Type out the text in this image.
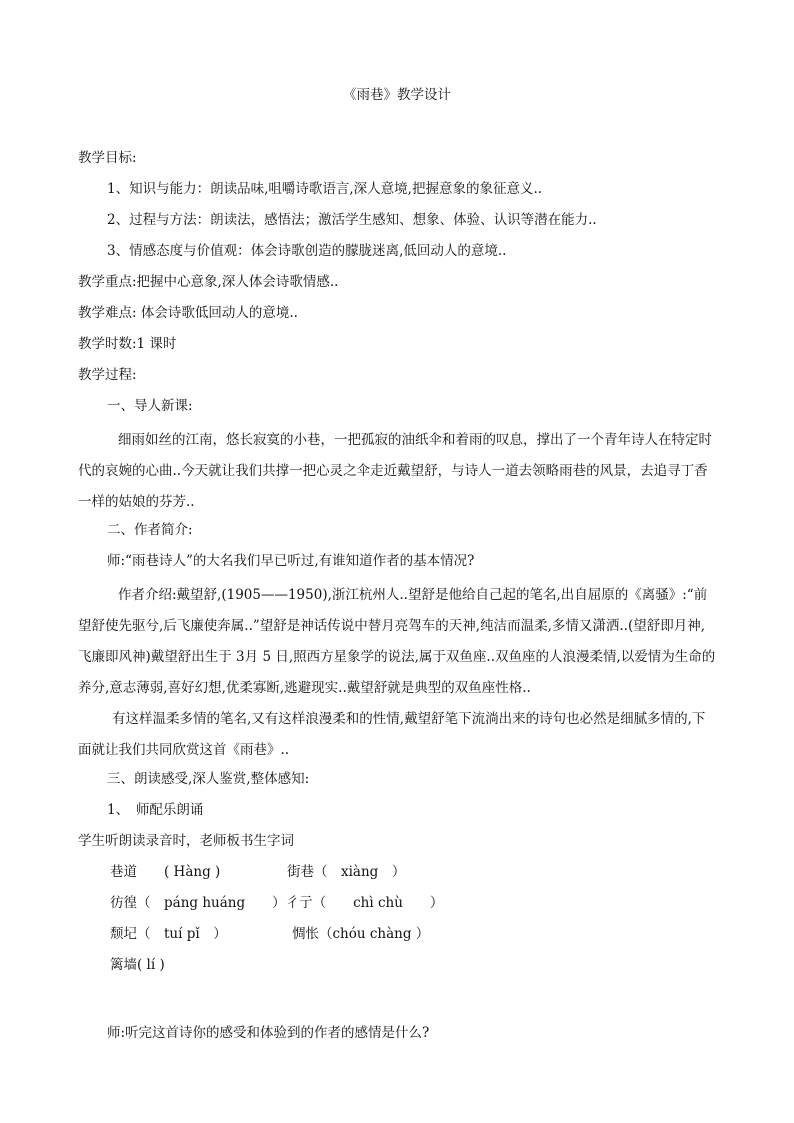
《雨巷》教学设计
教学目标:
1、知识与能力：朗读品味,咀嚼诗歌语言,深人意境,把握意象的象征意义..
2、过程与方法：朗读法，感悟法；激活学生感知、想象、体验、认识等潜在能力..
3、情感态度与价值观：体会诗歌创造的朦胧迷离,低回动人的意境..
教学重点:把握中心意象,深人体会诗歌情感..
教学难点: 体会诗歌低回动人的意境..
教学时数:1 课时
教学过程:
一、导人新课:
细雨如丝的江南，悠长寂寞的小巷，一把孤寂的油纸伞和着雨的叹息，撑出了一个青年诗人在特定时代的哀婉的心曲..今天就让我们共撑一把心灵之伞走近戴望舒，与诗人一道去领略雨巷的风景，去追寻丁香一样的姑娘的芬芳..
二、作者简介:
师:“雨巷诗人”的大名我们早已听过,有谁知道作者的基本情况?
作者介绍:戴望舒,(1905——1950),浙江杭州人..望舒是他给自己起的笔名,出自屈原的《离骚》:“前望舒使先驱兮,后飞廉使奔属..”望舒是神话传说中替月亮驾车的天神,纯洁而温柔,多情又潇洒..(望舒即月神,飞廉即风神)戴望舒出生于 3月 5 日,照西方星象学的说法,属于双鱼座..双鱼座的人浪漫柔情,以爱情为生命的养分,意志薄弱,喜好幻想,优柔寡断,逃避现实..戴望舒就是典型的双鱼座性格..
有这样温柔多情的笔名,又有这样浪漫柔和的性情,戴望舒笔下流淌出来的诗句也必然是细腻多情的,下面就让我们共同欣赏这首《雨巷》..
三、朗读感受,深人鉴赏,整体感知:
1、　师配乐朗诵
学生听朗读录音时，老师板书生字词
巷道　　( Hàng )	街巷（　xiàng　）
彷徨（　páng huáng　　）彳亍（　　chì chù　　）
颓圮（　tuí pǐ　）	惆怅（chóu chàng ）
篱墙( lí )
师:听完这首诗你的感受和体验到的作者的感情是什么?
